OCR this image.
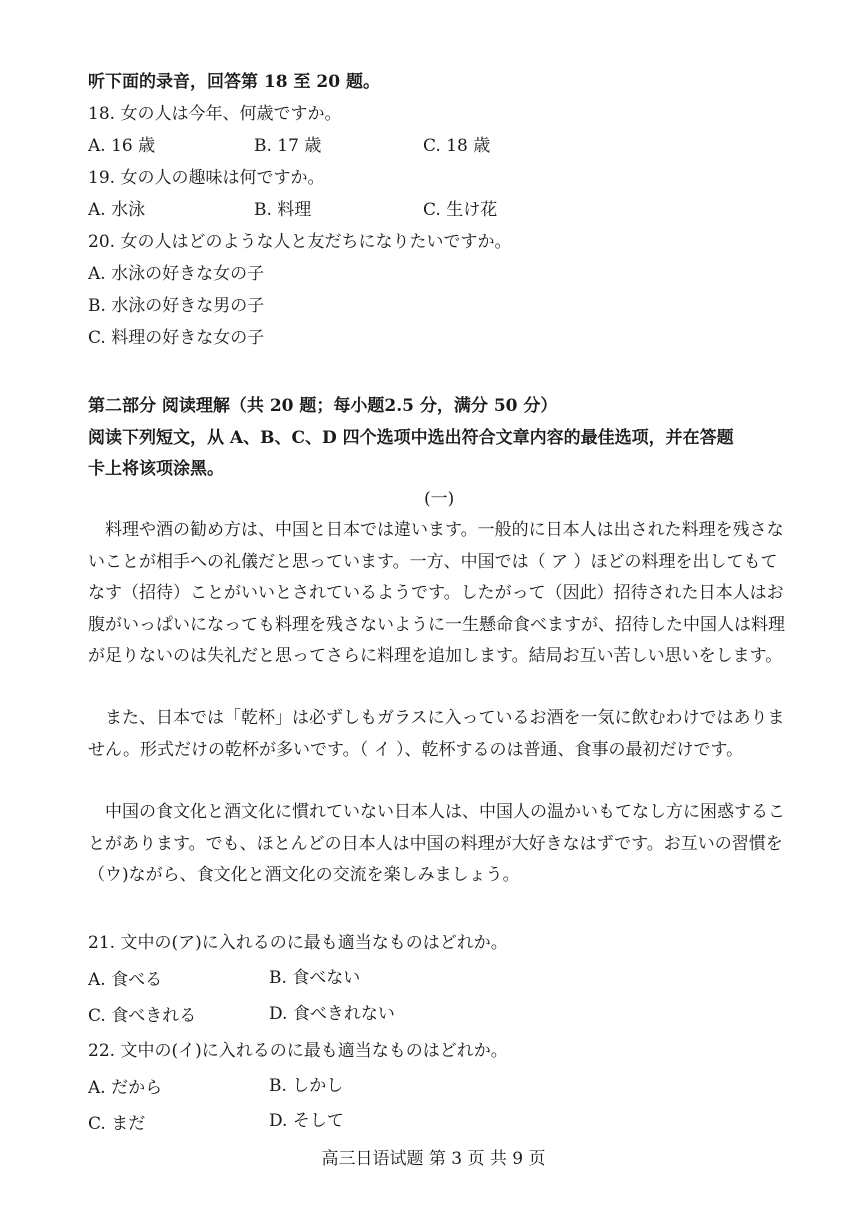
听下面的录音，回答第 18 至 20 题。
18. 女の人は今年、何歳ですか。
A. 16 歳	B. 17 歳	C. 18 歳
19. 女の人の趣味は何ですか。
A. 水泳	B. 料理	C. 生け花
20. 女の人はどのような人と友だちになりたいですか。
A. 水泳の好きな女の子
B. 水泳の好きな男の子
C. 料理の好きな女の子
第二部分 阅读理解（共 20 题；每小题2.5 分，满分 50 分）
阅读下列短文，从 A、B、C、D 四个选项中选出符合文章内容的最佳选项，并在答题
卡上将该项涂黑。
(一)
料理や酒の勧め方は、中国と日本では違います。一般的に日本人は出された料理を残さないことが相手への礼儀だと思っています。一方、中国では（ ア ）ほどの料理を出してもてなす（招待）ことがいいとされているようです。したがって（因此）招待された日本人はお腹がいっぱいになっても料理を残さないように一生懸命食べますが、招待した中国人は料理が足りないのは失礼だと思ってさらに料理を追加します。結局お互い苦しい思いをします。
また、日本では「乾杯」は必ずしもガラスに入っているお酒を一気に飲むわけではありません。形式だけの乾杯が多いです。（ イ ）、乾杯するのは普通、食事の最初だけです。
中国の食文化と酒文化に慣れていない日本人は、中国人の温かいもてなし方に困惑することがあります。でも、ほとんどの日本人は中国の料理が大好きなはずです。お互いの習慣を（ウ)ながら、食文化と酒文化の交流を楽しみましょう。
21. 文中の(ア)に入れるのに最も適当なものはどれか。
A. 食べる	B. 食べない
C. 食べきれる	D. 食べきれない
22. 文中の(イ)に入れるのに最も適当なものはどれか。
A. だから	B. しかし
C. まだ	D. そして
高三日语试题 第 3 页 共 9 页
